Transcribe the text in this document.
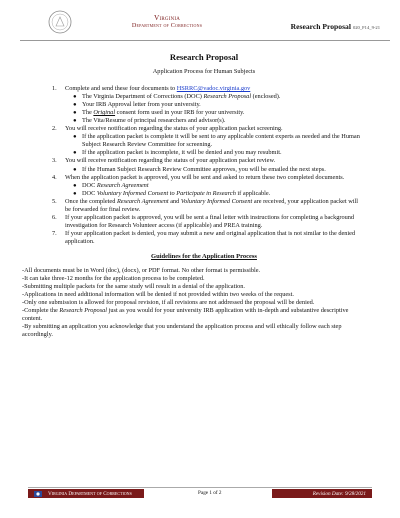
Virginia
Department of Corrections	Research Proposal 020_F14_9-21
Research Proposal
Application Process for Human Subjects
1. Complete and send these four documents to HSRRC@vadoc.virginia.gov
● The Virginia Department of Corrections (DOC) Research Proposal (enclosed).
● Your IRB Approval letter from your university.
● The Original consent form used in your IRB for your university.
● The Vita/Resume of principal researchers and advisor(s).
2. You will receive notification regarding the status of your application packet screening.
● If the application packet is complete it will be sent to any applicable content experts as needed and the Human Subject Research Review Committee for screening.
● If the application packet is incomplete, it will be denied and you may resubmit.
3. You will receive notification regarding the status of your application packet review.
● If the Human Subject Research Review Committee approves, you will be emailed the next steps.
4. When the application packet is approved, you will be sent and asked to return these two completed documents.
● DOC Research Agreement
● DOC Voluntary Informed Consent to Participate in Research if applicable.
5. Once the completed Research Agreement and Voluntary Informed Consent are received, your application packet will be forwarded for final review.
6. If your application packet is approved, you will be sent a final letter with instructions for completing a background investigation for Research Volunteer access (if applicable) and PREA training.
7. If your application packet is denied, you may submit a new and original application that is not similar to the denied application.
Guidelines for the Application Process

-All documents must be in Word (doc), (docx), or PDF format. No other format is permissible.

-It can take three-12 months for the application process to be completed.

-Submitting multiple packets for the same study will result in a denial of the application.

-Applications in need additional information will be denied if not provided within two weeks of the request.

-Only one submission is allowed for proposal revision, if all revisions are not addressed the proposal will be denied.

-Complete the Research Proposal just as you would for your university IRB application with in-depth and substantive descriptive content.

-By submitting an application you acknowledge that you understand the application process and will ethically follow each step accordingly.

Virginia Department of Corrections	Page 1 of 2	Revision Date: 9/28/2021
